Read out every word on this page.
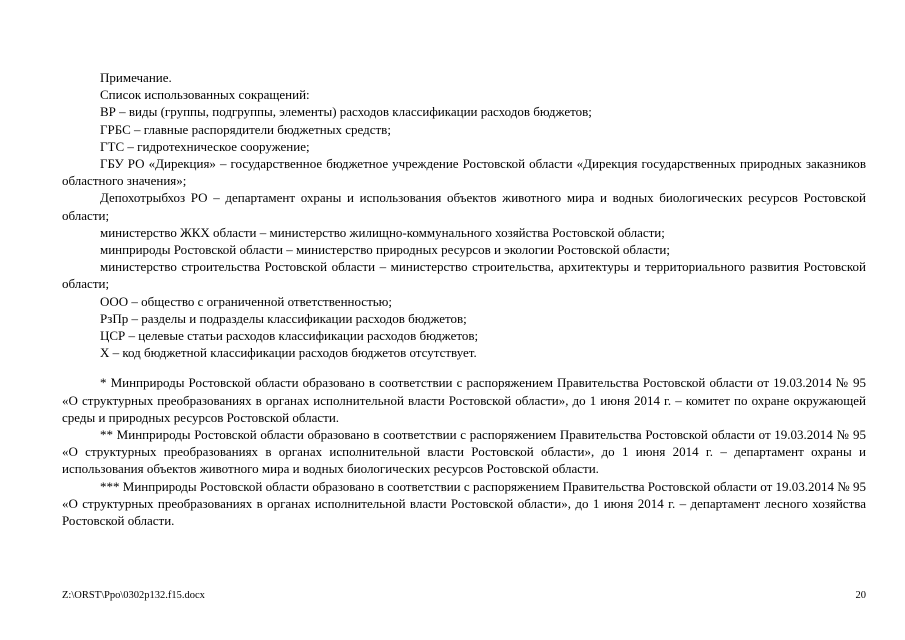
Примечание.

Список использованных сокращений:

ВР – виды (группы, подгруппы, элементы) расходов классификации расходов бюджетов;

ГРБС – главные распорядители бюджетных средств;

ГТС – гидротехническое сооружение;

ГБУ РО «Дирекция» – государственное бюджетное учреждение Ростовской области «Дирекция государственных природных заказников областного значения»;

Депохотрыбхоз РО – департамент охраны и использования объектов животного мира и водных биологических ресурсов Ростовской области;

министерство ЖКХ области – министерство жилищно-коммунального хозяйства Ростовской области;

минприроды Ростовской области – министерство природных ресурсов и экологии Ростовской области;

министерство строительства Ростовской области – министерство строительства, архитектуры и территориального развития Ростовской области;

ООО – общество с ограниченной ответственностью;

РзПр – разделы и подразделы классификации расходов бюджетов;

ЦСР – целевые статьи расходов классификации расходов бюджетов;

Х – код бюджетной классификации расходов бюджетов отсутствует.

* Минприроды Ростовской области образовано в соответствии с распоряжением Правительства Ростовской области от 19.03.2014 № 95 «О структурных преобразованиях в органах исполнительной власти Ростовской области», до 1 июня 2014 г. – комитет по охране окружающей среды и природных ресурсов Ростовской области.

** Минприроды Ростовской области образовано в соответствии с распоряжением Правительства Ростовской области от 19.03.2014 № 95 «О структурных преобразованиях в органах исполнительной власти Ростовской области», до 1 июня 2014 г. – департамент охраны и использования объектов животного мира и водных биологических ресурсов Ростовской области.

*** Минприроды Ростовской области образовано в соответствии с распоряжением Правительства Ростовской области от 19.03.2014 № 95 «О структурных преобразованиях в органах исполнительной власти Ростовской области», до 1 июня 2014 г. – департамент лесного хозяйства Ростовской области.

Z:\ORST\Ppo\0302p132.f15.docx	20
